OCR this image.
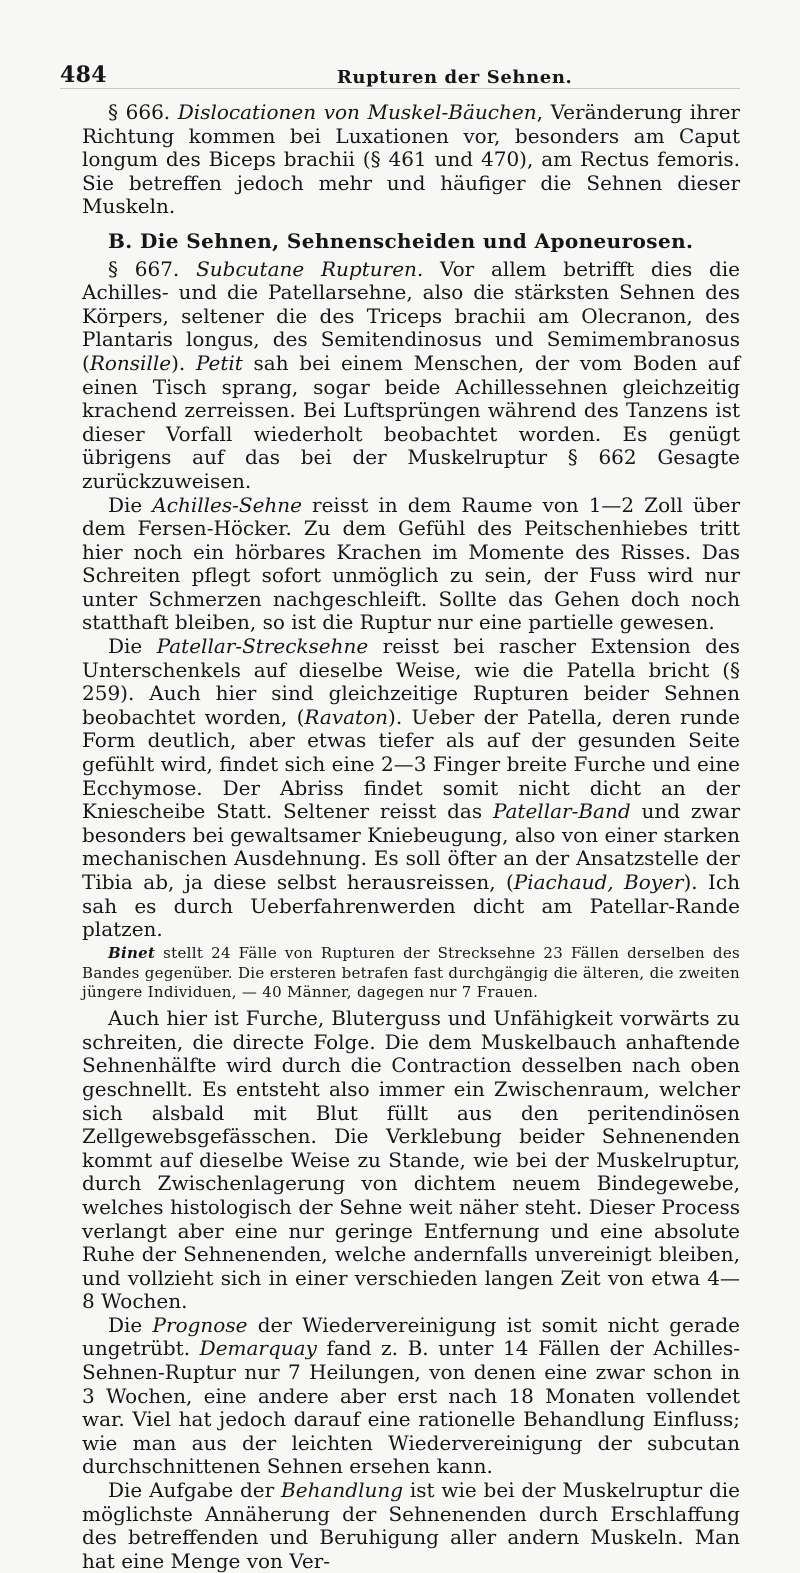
484	Rupturen der Sehnen.

§ 666. Dislocationen von Muskel-Bäuchen, Veränderung ihrer Richtung kommen bei Luxationen vor, besonders am Caput longum des Biceps brachii (§ 461 und 470), am Rectus femoris. Sie betreffen jedoch mehr und häufiger die Sehnen dieser Muskeln.

B. Die Sehnen, Sehnenscheiden und Aponeurosen.

§ 667. Subcutane Rupturen. Vor allem betrifft dies die Achilles- und die Patellarsehne, also die stärksten Sehnen des Körpers, seltener die des Triceps brachii am Olecranon, des Plantaris longus, des Semitendinosus und Semimembranosus (Ronsille). Petit sah bei einem Menschen, der vom Boden auf einen Tisch sprang, sogar beide Achillessehnen gleichzeitig krachend zerreissen. Bei Luftsprüngen während des Tanzens ist dieser Vorfall wiederholt beobachtet worden. Es genügt übrigens auf das bei der Muskelruptur § 662 Gesagte zurückzuweisen.

Die Achilles-Sehne reisst in dem Raume von 1—2 Zoll über dem Fersen-Höcker. Zu dem Gefühl des Peitschenhiebes tritt hier noch ein hörbares Krachen im Momente des Risses. Das Schreiten pflegt sofort unmöglich zu sein, der Fuss wird nur unter Schmerzen nachgeschleift. Sollte das Gehen doch noch statthaft bleiben, so ist die Ruptur nur eine partielle gewesen.

Die Patellar-Strecksehne reisst bei rascher Extension des Unterschenkels auf dieselbe Weise, wie die Patella bricht (§ 259). Auch hier sind gleichzeitige Rupturen beider Sehnen beobachtet worden, (Ravaton). Ueber der Patella, deren runde Form deutlich, aber etwas tiefer als auf der gesunden Seite gefühlt wird, findet sich eine 2—3 Finger breite Furche und eine Ecchymose. Der Abriss findet somit nicht dicht an der Kniescheibe Statt. Seltener reisst das Patellar-Band und zwar besonders bei gewaltsamer Kniebeugung, also von einer starken mechanischen Ausdehnung. Es soll öfter an der Ansatzstelle der Tibia ab, ja diese selbst herausreissen, (Piachaud, Boyer). Ich sah es durch Ueberfahrenwerden dicht am Patellar-Rande platzen.

Binet stellt 24 Fälle von Rupturen der Strecksehne 23 Fällen derselben des Bandes gegenüber. Die ersteren betrafen fast durchgängig die älteren, die zweiten jüngere Individuen, — 40 Männer, dagegen nur 7 Frauen.

Auch hier ist Furche, Bluterguss und Unfähigkeit vorwärts zu schreiten, die directe Folge. Die dem Muskelbauch anhaftende Sehnenhälfte wird durch die Contraction desselben nach oben geschnellt. Es entsteht also immer ein Zwischenraum, welcher sich alsbald mit Blut füllt aus den peritendinösen Zellgewebsgefässchen. Die Verklebung beider Sehnenenden kommt auf dieselbe Weise zu Stande, wie bei der Muskelruptur, durch Zwischenlagerung von dichtem neuem Bindegewebe, welches histologisch der Sehne weit näher steht. Dieser Process verlangt aber eine nur geringe Entfernung und eine absolute Ruhe der Sehnenenden, welche andernfalls unvereinigt bleiben, und vollzieht sich in einer verschieden langen Zeit von etwa 4—8 Wochen.

Die Prognose der Wiedervereinigung ist somit nicht gerade ungetrübt. Demarquay fand z. B. unter 14 Fällen der Achilles-Sehnen-Ruptur nur 7 Heilungen, von denen eine zwar schon in 3 Wochen, eine andere aber erst nach 18 Monaten vollendet war. Viel hat jedoch darauf eine rationelle Behandlung Einfluss; wie man aus der leichten Wiedervereinigung der subcutan durchschnittenen Sehnen ersehen kann.

Die Aufgabe der Behandlung ist wie bei der Muskelruptur die möglichste Annäherung der Sehnenenden durch Erschlaffung des betreffenden und Beruhigung aller andern Muskeln. Man hat eine Menge von Ver-
